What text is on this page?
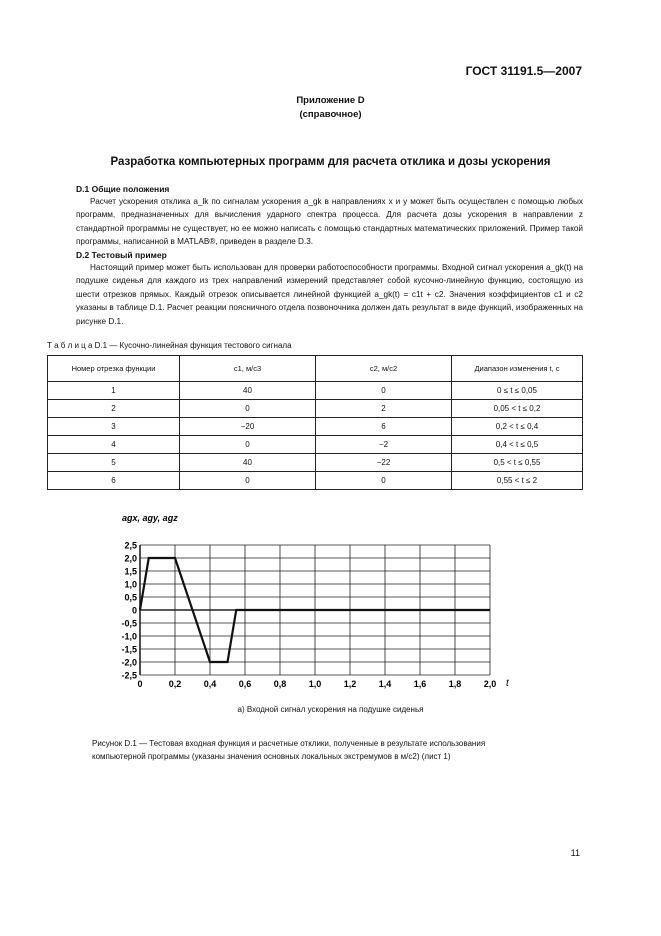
ГОСТ 31191.5—2007
Приложение D
(справочное)
Разработка компьютерных программ для расчета отклика и дозы ускорения
D.1 Общие положения

Расчет ускорения отклика a_lk по сигналам ускорения a_gk в направлениях x и y может быть осуществлен с помощью любых программ, предназначенных для вычисления ударного спектра процесса. Для расчета дозы ускорения в направлении z стандартной программы не существует, но ее можно написать с помощью стандартных математических приложений. Пример такой программы, написанной в MATLAB®, приведен в разделе D.3.

D.2 Тестовый пример

Настоящий пример может быть использован для проверки работоспособности программы. Входной сигнал ускорения a_gk(t) на подушке сиденья для каждого из трех направлений измерений представляет собой кусочно-линейную функцию, состоящую из шести отрезков прямых. Каждый отрезок описывается линейной функцией a_gk(t) = c1t + c2. Значения коэффициентов c1 и c2 указаны в таблице D.1. Расчет реакции поясничного отдела позвоночника должен дать результат в виде функций, изображенных на рисунке D.1.

Т а б л и ц а D.1 — Кусочно-линейная функция тестового сигнала
Номер отрезка функции	c1, м/с3	c2, м/с2	Диапазон изменения t, с
1	40	0	0 ≤ t ≤ 0,05
2	0	2	0,05 < t ≤ 0,2
3	−20	6	0,2 < t ≤ 0,4
4	0	−2	0,4 < t ≤ 0,5
5	40	−22	0,5 < t ≤ 0,55
6	0	0	0,55 < t ≤ 2
2,5
2,0
1,5
1,0
0,5
0
-0,5
-1,0
-1,5
-2,0
-2,5
0	0,2 0,4 0,6 0,8 1,0 1,2 1,4 1,6 1,8 2,0
agx, agy, agz
t
а) Входной сигнал ускорения на подушке сиденья
Рисунок D.1 — Тестовая входная функция и расчетные отклики, полученные в результате использования
компьютерной программы (указаны значения основных локальных экстремумов в м/с2) (лист 1)
11
